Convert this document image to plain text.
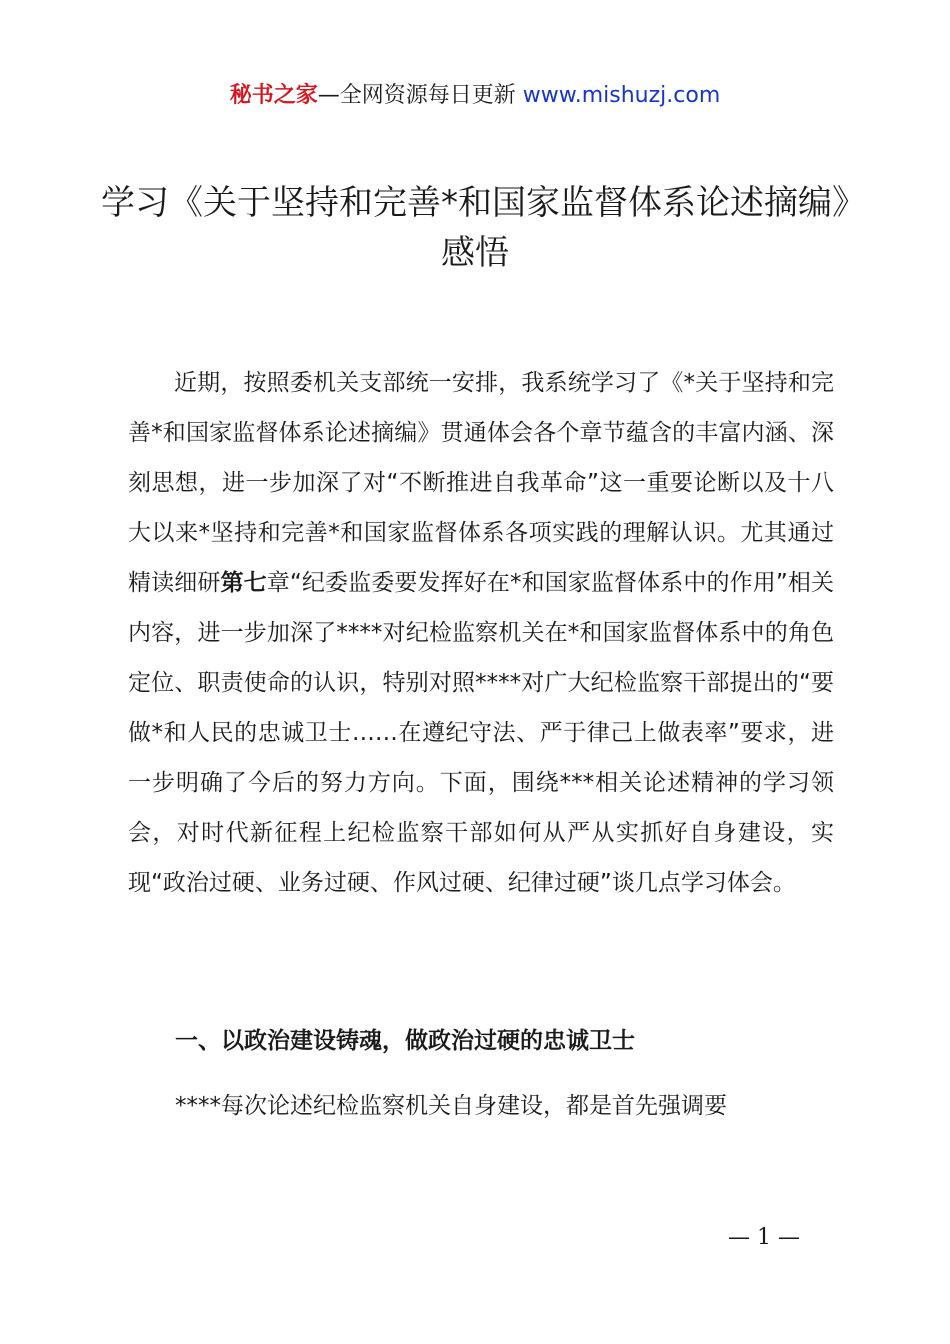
秘书之家—全网资源每日更新 www.mishuzj.com
学习《关于坚持和完善*和国家监督体系论述摘编》感悟

近期，按照委机关支部统一安排，我系统学习了《*关于坚持和完善*和国家监督体系论述摘编》贯通体会各个章节蕴含的丰富内涵、深刻思想，进一步加深了对“不断推进自我革命”这一重要论断以及十八大以来*坚持和完善*和国家监督体系各项实践的理解认识。尤其通过精读细研第七章“纪委监委要发挥好在*和国家监督体系中的作用”相关内容，进一步加深了****对纪检监察机关在*和国家监督体系中的角色定位、职责使命的认识，特别对照****对广大纪检监察干部提出的“要做*和人民的忠诚卫士……在遵纪守法、严于律己上做表率”要求，进一步明确了今后的努力方向。下面，围绕***相关论述精神的学习领会，对时代新征程上纪检监察干部如何从严从实抓好自身建设，实现“政治过硬、业务过硬、作风过硬、纪律过硬”谈几点学习体会。

一、以政治建设铸魂，做政治过硬的忠诚卫士

****每次论述纪检监察机关自身建设，都是首先强调要

— 1 —
